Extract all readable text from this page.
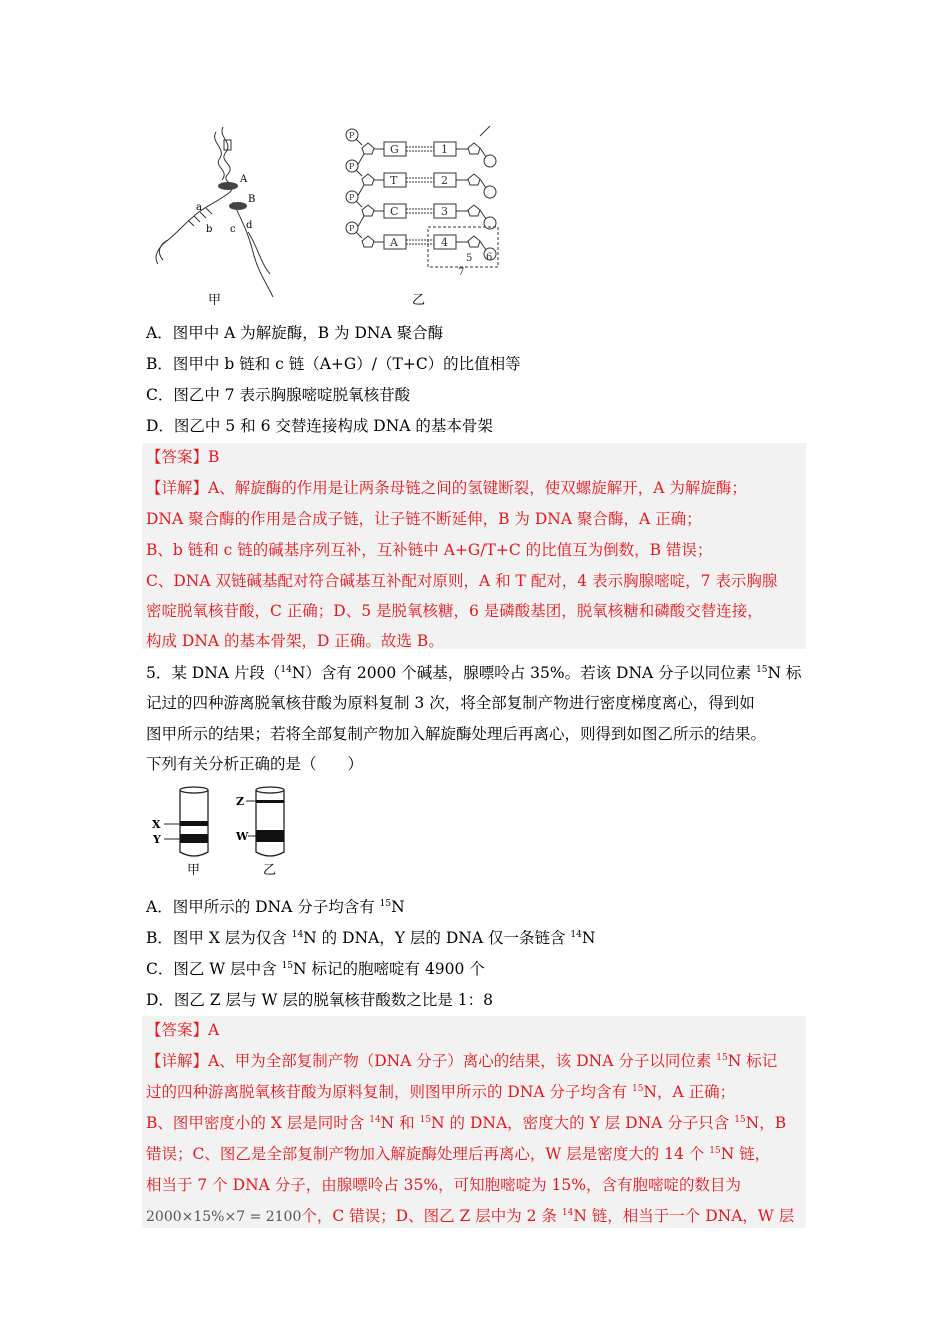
A
B
a
b c d
甲
P
G	1
P
T	2
P
C	3
P
A	4
5 6
7
乙
A．图甲中 A 为解旋酶，B 为 DNA 聚合酶
B．图甲中 b 链和 c 链（A+G）/（T+C）的比值相等
C．图乙中 7 表示胸腺嘧啶脱氧核苷酸
D．图乙中 5 和 6 交替连接构成 DNA 的基本骨架
【答案】B
【详解】A、解旋酶的作用是让两条母链之间的氢键断裂，使双螺旋解开，A 为解旋酶；
DNA 聚合酶的作用是合成子链，让子链不断延伸，B 为 DNA 聚合酶，A 正确；
B、b 链和 c 链的碱基序列互补，互补链中 A+G/T+C 的比值互为倒数，B 错误；
C、DNA 双链碱基配对符合碱基互补配对原则，A 和 T 配对，4 表示胸腺嘧啶，7 表示胸腺
密啶脱氧核苷酸，C 正确；D、5 是脱氧核糖，6 是磷酸基团，脱氧核糖和磷酸交替连接，
构成 DNA 的基本骨架，D 正确。故选 B。
5．某 DNA 片段（$^{14}$N）含有 2000 个碱基，腺嘌呤占 35%。若该 DNA 分子以同位素 $^{15}$N 标
记过的四种游离脱氧核苷酸为原料复制 3 次，将全部复制产物进行密度梯度离心，得到如
图甲所示的结果；若将全部复制产物加入解旋酶处理后再离心，则得到如图乙所示的结果。
下列有关分析正确的是（　　）
X
Y
Z
W
甲	乙
A．图甲所示的 DNA 分子均含有 $^{15}$N
B．图甲 X 层为仅含 $^{14}$N 的 DNA，Y 层的 DNA 仅一条链含 $^{14}$N
C．图乙 W 层中含 $^{15}$N 标记的胞嘧啶有 4900 个
D．图乙 Z 层与 W 层的脱氧核苷酸数之比是 1：8
【答案】A
【详解】A、甲为全部复制产物（DNA 分子）离心的结果，该 DNA 分子以同位素 $^{15}$N 标记
过的四种游离脱氧核苷酸为原料复制，则图甲所示的 DNA 分子均含有 $^{15}$N，A 正确；
B、图甲密度小的 X 层是同时含 $^{14}$N 和 $^{15}$N 的 DNA，密度大的 Y 层 DNA 分子只含 $^{15}$N，B
错误；C、图乙是全部复制产物加入解旋酶处理后再离心，W 层是密度大的 14 个 $^{15}$N 链，
相当于 7 个 DNA 分子，由腺嘌呤占 35%，可知胞嘧啶为 15%，含有胞嘧啶的数目为
2000×15%×7 = 2100个，C 错误；D、图乙 Z 层中为 2 条 $^{14}$N 链，相当于一个 DNA，W 层
